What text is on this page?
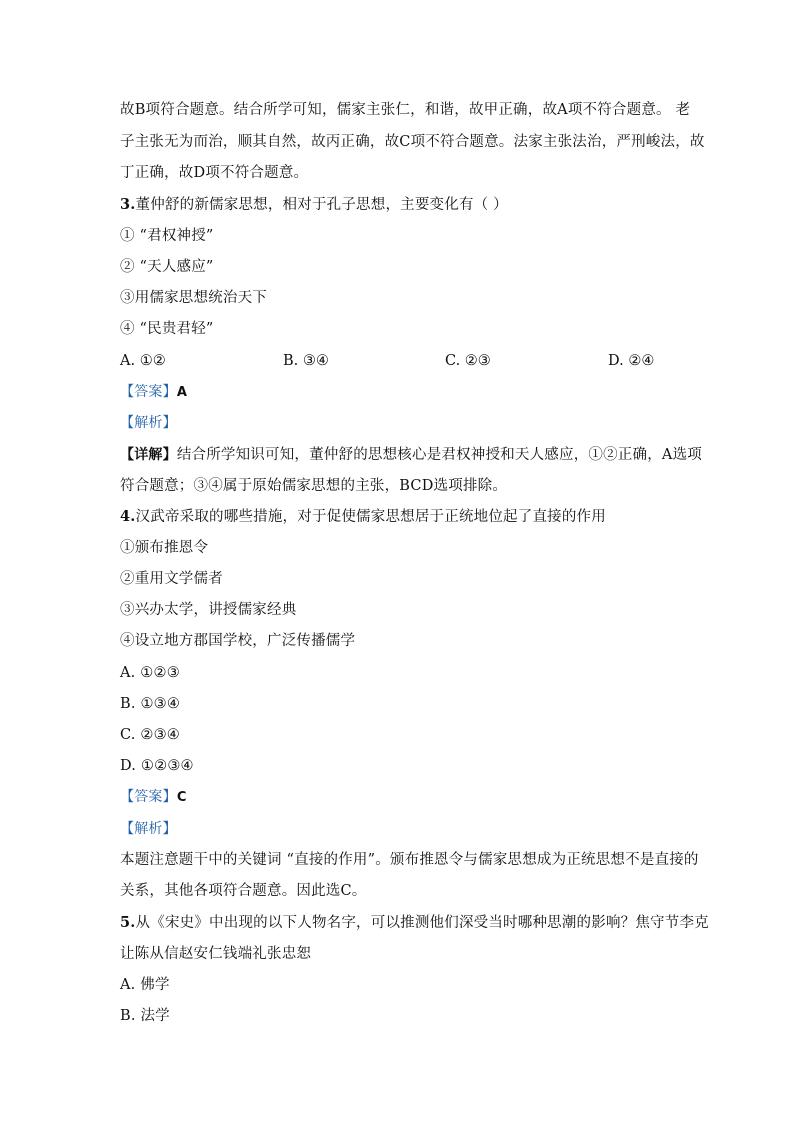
故B项符合题意。结合所学可知，儒家主张仁，和谐，故甲正确，故A项不符合题意。 老
子主张无为而治，顺其自然，故丙正确，故C项不符合题意。法家主张法治，严刑峻法，故
丁正确，故D项不符合题意。
3.董仲舒的新儒家思想，相对于孔子思想，主要变化有（ ）
① “君权神授”
② “天人感应”
③用儒家思想统治天下
④ “民贵君轻”
A. ①②	B. ③④	C. ②③	D. ②④
【答案】A
【解析】
【详解】结合所学知识可知，董仲舒的思想核心是君权神授和天人感应，①②正确，A选项
符合题意；③④属于原始儒家思想的主张，BCD选项排除。
4.汉武帝采取的哪些措施，对于促使儒家思想居于正统地位起了直接的作用
①颁布推恩令
②重用文学儒者
③兴办太学，讲授儒家经典
④设立地方郡国学校，广泛传播儒学
A. ①②③
B. ①③④
C. ②③④
D. ①②③④
【答案】C
【解析】
本题注意题干中的关键词 “直接的作用”。颁布推恩令与儒家思想成为正统思想不是直接的
关系，其他各项符合题意。因此选C。
5.从《宋史》中出现的以下人物名字，可以推测他们深受当时哪种思潮的影响？焦守节李克
让陈从信赵安仁钱端礼张忠恕
A. 佛学
B. 法学
